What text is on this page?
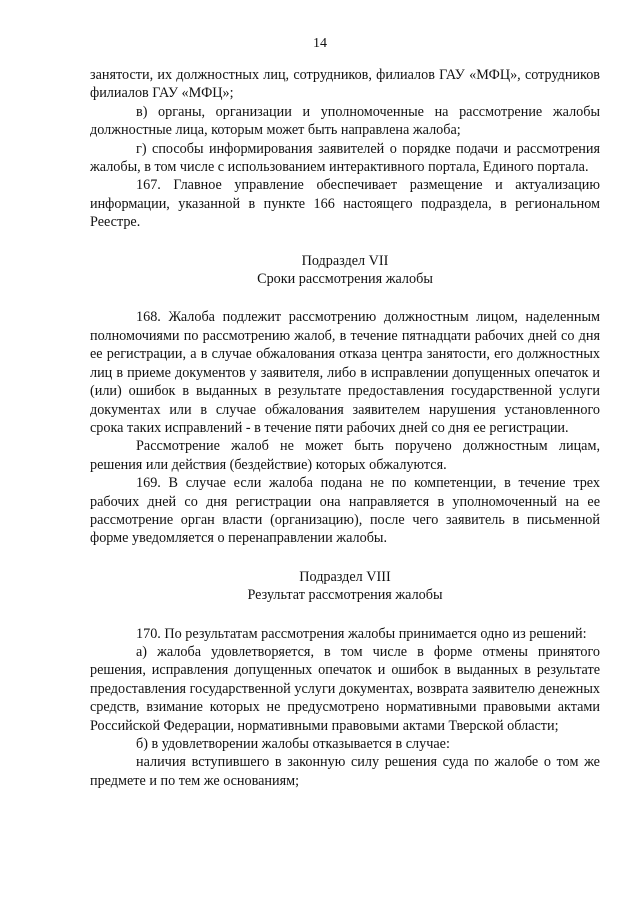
14

занятости, их должностных лиц, сотрудников, филиалов ГАУ «МФЦ», сотрудников филиалов ГАУ «МФЦ»;

в) органы, организации и уполномоченные на рассмотрение жалобы должностные лица, которым может быть направлена жалоба;

г) способы информирования заявителей о порядке подачи и рассмотрения жалобы, в том числе с использованием интерактивного портала, Единого портала.

167. Главное управление обеспечивает размещение и актуализацию информации, указанной в пункте 166 настоящего подраздела, в региональном Реестре.

Подраздел VII
Сроки рассмотрения жалобы

168. Жалоба подлежит рассмотрению должностным лицом, наделенным полномочиями по рассмотрению жалоб, в течение пятнадцати рабочих дней со дня ее регистрации, а в случае обжалования отказа центра занятости, его должностных лиц в приеме документов у заявителя, либо в исправлении допущенных опечаток и (или) ошибок в выданных в результате предоставления государственной услуги документах или в случае обжалования заявителем нарушения установленного срока таких исправлений - в течение пяти рабочих дней со дня ее регистрации.

Рассмотрение жалоб не может быть поручено должностным лицам, решения или действия (бездействие) которых обжалуются.

169. В случае если жалоба подана не по компетенции, в течение трех рабочих дней со дня регистрации она направляется в уполномоченный на ее рассмотрение орган власти (организацию), после чего заявитель в письменной форме уведомляется о перенаправлении жалобы.

Подраздел VIII
Результат рассмотрения жалобы

170. По результатам рассмотрения жалобы принимается одно из решений:

а) жалоба удовлетворяется, в том числе в форме отмены принятого решения, исправления допущенных опечаток и ошибок в выданных в результате предоставления государственной услуги документах, возврата заявителю денежных средств, взимание которых не предусмотрено нормативными правовыми актами Российской Федерации, нормативными правовыми актами Тверской области;

б) в удовлетворении жалобы отказывается в случае:

наличия вступившего в законную силу решения суда по жалобе о том же предмете и по тем же основаниям;
